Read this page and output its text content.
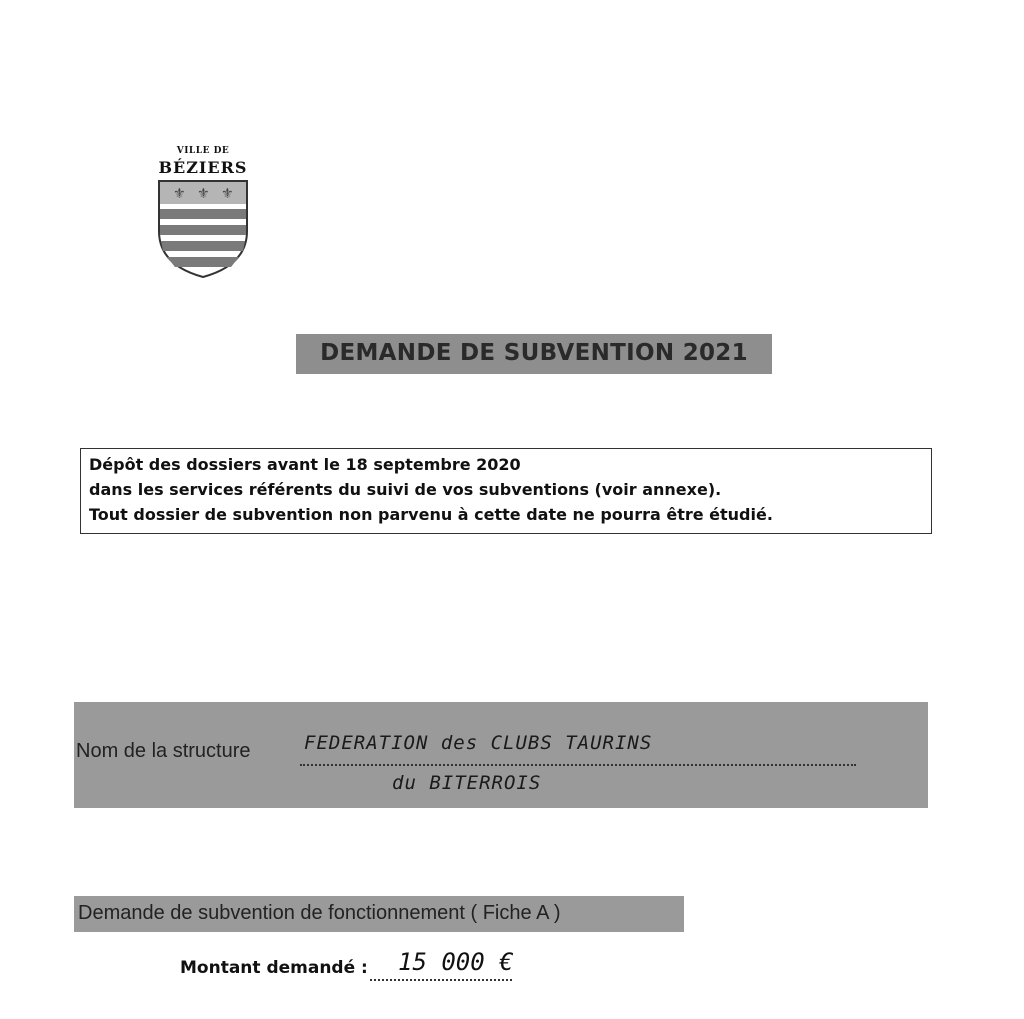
VILLE DE
BÉZIERS
⚜ ⚜ ⚜
DEMANDE DE SUBVENTION 2021

Dépôt des dossiers avant le 18 septembre 2020

dans les services référents du suivi de vos subventions (voir annexe).

Tout dossier de subvention non parvenu à cette date ne pourra être étudié.

Nom de la structure	FEDERATION des CLUBS TAURINS
du BITERROIS
Demande de subvention de fonctionnement ( Fiche A )
Montant demandé : 15 000 €
